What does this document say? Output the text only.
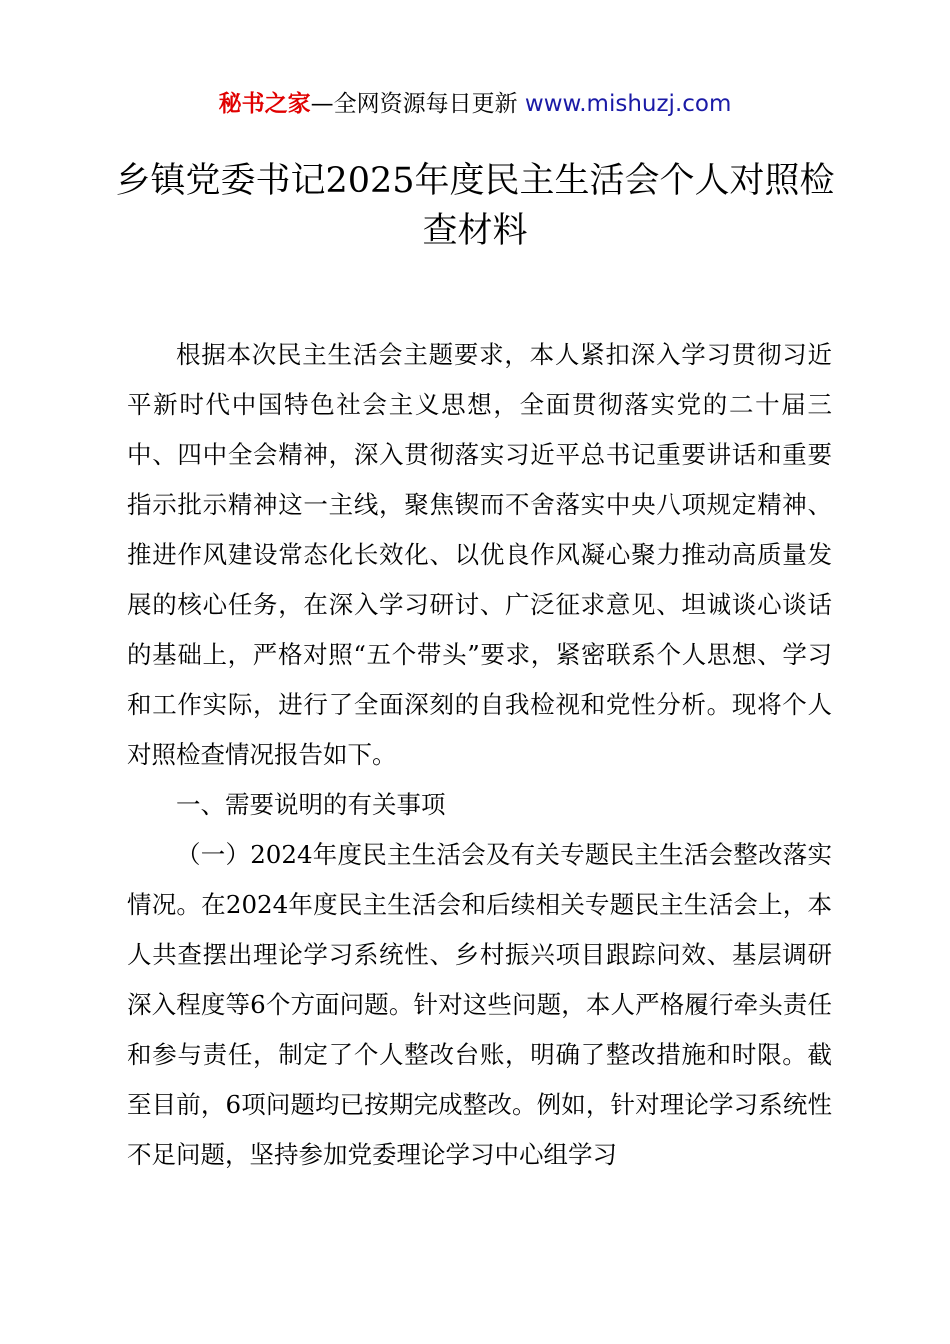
秘书之家—全网资源每日更新 www.mishuzj.com
乡镇党委书记2025年度民主生活会个人对照检查材料

根据本次民主生活会主题要求，本人紧扣深入学习贯彻习近平新时代中国特色社会主义思想，全面贯彻落实党的二十届三中、四中全会精神，深入贯彻落实习近平总书记重要讲话和重要指示批示精神这一主线，聚焦锲而不舍落实中央八项规定精神、推进作风建设常态化长效化、以优良作风凝心聚力推动高质量发展的核心任务，在深入学习研讨、广泛征求意见、坦诚谈心谈话的基础上，严格对照“五个带头”要求，紧密联系个人思想、学习和工作实际，进行了全面深刻的自我检视和党性分析。现将个人对照检查情况报告如下。

一、需要说明的有关事项

（一）2024年度民主生活会及有关专题民主生活会整改落实情况。在2024年度民主生活会和后续相关专题民主生活会上，本人共查摆出理论学习系统性、乡村振兴项目跟踪问效、基层调研深入程度等6个方面问题。针对这些问题，本人严格履行牵头责任和参与责任，制定了个人整改台账，明确了整改措施和时限。截至目前，6项问题均已按期完成整改。例如，针对理论学习系统性不足问题，坚持参加党委理论学习中心组学习
